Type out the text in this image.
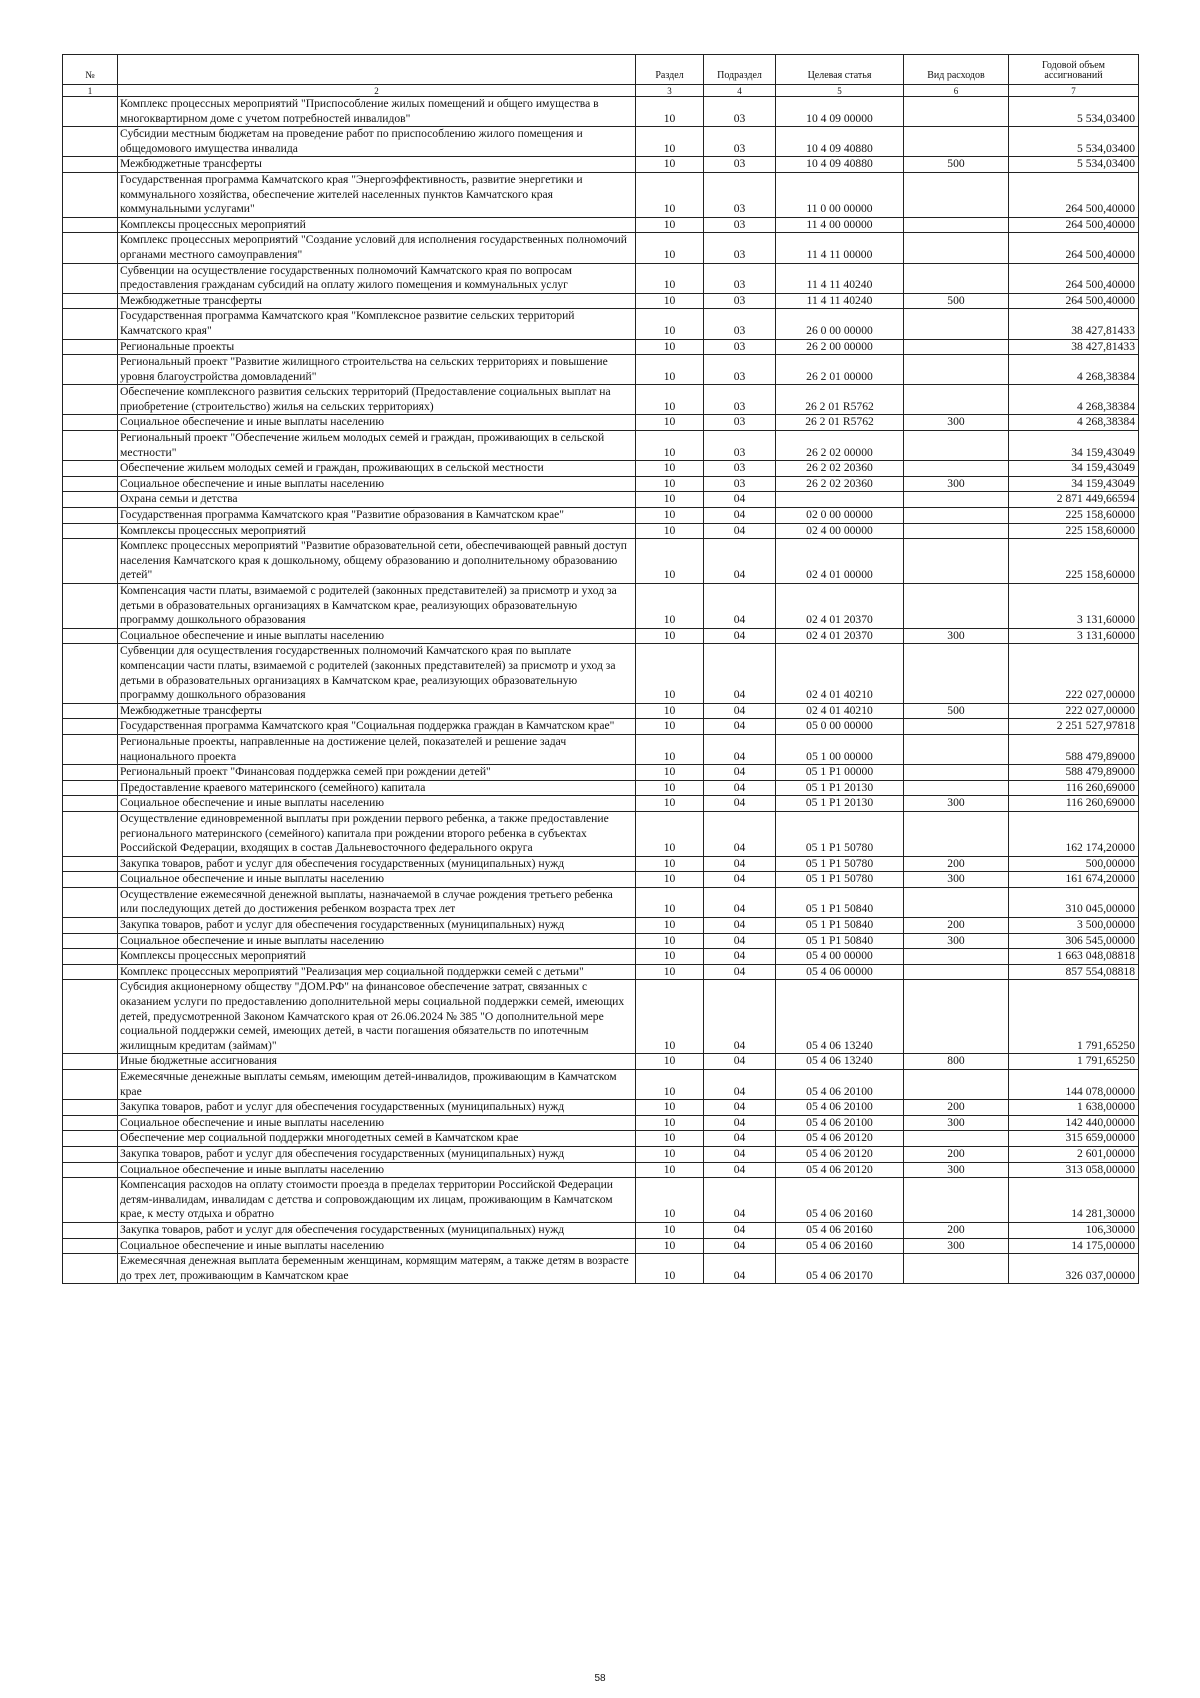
№		Раздел	Подраздел	Целевая статья	Вид расходов	Годовой объем ассигнований
1	2	3	4	5	6	7
	Комплекс процессных мероприятий "Приспособление жилых помещений и общего имущества в многоквартирном доме с учетом потребностей инвалидов"	10	03	10 4 09 00000		5 534,03400
	Субсидии местным бюджетам на проведение работ по приспособлению жилого помещения и общедомового имущества инвалида	10	03	10 4 09 40880		5 534,03400
	Межбюджетные трансферты	10	03	10 4 09 40880	500	5 534,03400
	Государственная программа Камчатского края "Энергоэффективность, развитие энергетики и коммунального хозяйства, обеспечение жителей населенных пунктов Камчатского края коммунальными услугами"	10	03	11 0 00 00000		264 500,40000
	Комплексы процессных мероприятий	10	03	11 4 00 00000		264 500,40000
	Комплекс процессных мероприятий "Создание условий для исполнения государственных полномочий органами местного самоуправления"	10	03	11 4 11 00000		264 500,40000
	Субвенции на осуществление государственных полномочий Камчатского края по вопросам предоставления гражданам субсидий на оплату жилого помещения и коммунальных услуг	10	03	11 4 11 40240		264 500,40000
	Межбюджетные трансферты	10	03	11 4 11 40240	500	264 500,40000
	Государственная программа Камчатского края "Комплексное развитие сельских территорий Камчатского края"	10	03	26 0 00 00000		38 427,81433
	Региональные проекты	10	03	26 2 00 00000		38 427,81433
	Региональный проект "Развитие жилищного строительства на сельских территориях и повышение уровня благоустройства домовладений"	10	03	26 2 01 00000		4 268,38384
	Обеспечение комплексного развития сельских территорий (Предоставление социальных выплат на приобретение (строительство) жилья на сельских территориях)	10	03	26 2 01 R5762		4 268,38384
	Социальное обеспечение и иные выплаты населению	10	03	26 2 01 R5762	300	4 268,38384
	Региональный проект "Обеспечение жильем молодых семей и граждан, проживающих в сельской местности"	10	03	26 2 02 00000		34 159,43049
	Обеспечение жильем молодых семей и граждан, проживающих в сельской местности	10	03	26 2 02 20360		34 159,43049
	Социальное обеспечение и иные выплаты населению	10	03	26 2 02 20360	300	34 159,43049
	Охрана семьи и детства	10	04			2 871 449,66594
	Государственная программа Камчатского края "Развитие образования в Камчатском крае"	10	04	02 0 00 00000		225 158,60000
	Комплексы процессных мероприятий	10	04	02 4 00 00000		225 158,60000
	Комплекс процессных мероприятий "Развитие образовательной сети, обеспечивающей равный доступ населения Камчатского края к дошкольному, общему образованию и дополнительному образованию детей"	10	04	02 4 01 00000		225 158,60000
	Компенсация части платы, взимаемой с родителей (законных представителей) за присмотр и уход за детьми в образовательных организациях в Камчатском крае, реализующих образовательную программу дошкольного образования	10	04	02 4 01 20370		3 131,60000
	Социальное обеспечение и иные выплаты населению	10	04	02 4 01 20370	300	3 131,60000
	Субвенции для осуществления государственных полномочий Камчатского края по выплате компенсации части платы, взимаемой с родителей (законных представителей) за присмотр и уход за детьми в образовательных организациях в Камчатском крае, реализующих образовательную программу дошкольного образования	10	04	02 4 01 40210		222 027,00000
	Межбюджетные трансферты	10	04	02 4 01 40210	500	222 027,00000
	Государственная программа Камчатского края "Социальная поддержка граждан в Камчатском крае"	10	04	05 0 00 00000		2 251 527,97818
	Региональные проекты, направленные на достижение целей, показателей и решение задач национального проекта	10	04	05 1 00 00000		588 479,89000
	Региональный проект "Финансовая поддержка семей при рождении детей"	10	04	05 1 P1 00000		588 479,89000
	Предоставление краевого материнского (семейного) капитала	10	04	05 1 P1 20130		116 260,69000
	Социальное обеспечение и иные выплаты населению	10	04	05 1 P1 20130	300	116 260,69000
	Осуществление единовременной выплаты при рождении первого ребенка, а также предоставление регионального материнского (семейного) капитала при рождении второго ребенка в субъектах Российской Федерации, входящих в состав Дальневосточного федерального округа	10	04	05 1 P1 50780		162 174,20000
	Закупка товаров, работ и услуг для обеспечения государственных (муниципальных) нужд	10	04	05 1 P1 50780	200	500,00000
	Социальное обеспечение и иные выплаты населению	10	04	05 1 P1 50780	300	161 674,20000
	Осуществление ежемесячной денежной выплаты, назначаемой в случае рождения третьего ребенка или последующих детей до достижения ребенком возраста трех лет	10	04	05 1 P1 50840		310 045,00000
	Закупка товаров, работ и услуг для обеспечения государственных (муниципальных) нужд	10	04	05 1 P1 50840	200	3 500,00000
	Социальное обеспечение и иные выплаты населению	10	04	05 1 P1 50840	300	306 545,00000
	Комплексы процессных мероприятий	10	04	05 4 00 00000		1 663 048,08818
	Комплекс процессных мероприятий "Реализация мер социальной поддержки семей с детьми"	10	04	05 4 06 00000		857 554,08818
	Субсидия акционерному обществу "ДОМ.РФ" на финансовое обеспечение затрат, связанных с оказанием услуги по предоставлению дополнительной меры социальной поддержки семей, имеющих детей, предусмотренной Законом Камчатского края от 26.06.2024 № 385 "О дополнительной мере социальной поддержки семей, имеющих детей, в части погашения обязательств по ипотечным жилищным кредитам (займам)"	10	04	05 4 06 13240		1 791,65250
	Иные бюджетные ассигнования	10	04	05 4 06 13240	800	1 791,65250
	Ежемесячные денежные выплаты семьям, имеющим детей-инвалидов, проживающим в Камчатском крае	10	04	05 4 06 20100		144 078,00000
	Закупка товаров, работ и услуг для обеспечения государственных (муниципальных) нужд	10	04	05 4 06 20100	200	1 638,00000
	Социальное обеспечение и иные выплаты населению	10	04	05 4 06 20100	300	142 440,00000
	Обеспечение мер социальной поддержки многодетных семей в Камчатском крае	10	04	05 4 06 20120		315 659,00000
	Закупка товаров, работ и услуг для обеспечения государственных (муниципальных) нужд	10	04	05 4 06 20120	200	2 601,00000
	Социальное обеспечение и иные выплаты населению	10	04	05 4 06 20120	300	313 058,00000
	Компенсация расходов на оплату стоимости проезда в пределах территории Российской Федерации детям-инвалидам, инвалидам с детства и сопровождающим их лицам, проживающим в Камчатском крае, к месту отдыха и обратно	10	04	05 4 06 20160		14 281,30000
	Закупка товаров, работ и услуг для обеспечения государственных (муниципальных) нужд	10	04	05 4 06 20160	200	106,30000
	Социальное обеспечение и иные выплаты населению	10	04	05 4 06 20160	300	14 175,00000
	Ежемесячная денежная выплата беременным женщинам, кормящим матерям, а также детям в возрасте до трех лет, проживающим в Камчатском крае	10	04	05 4 06 20170		326 037,00000
58
